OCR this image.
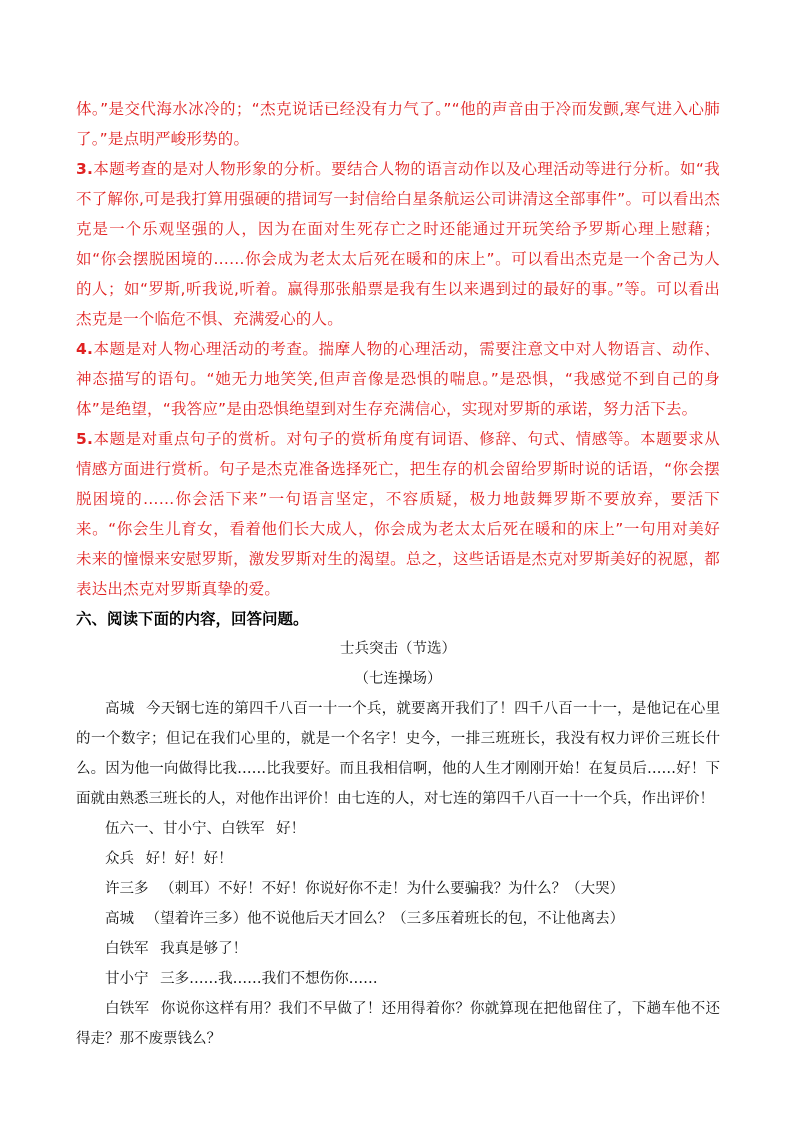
体。”是交代海水冰冷的；“杰克说话已经没有力气了。”“他的声音由于冷而发颤,寒气进入心肺了。”是点明严峻形势的。

3.本题考查的是对人物形象的分析。要结合人物的语言动作以及心理活动等进行分析。如“我不了解你,可是我打算用强硬的措词写一封信给白星条航运公司讲清这全部事件”。可以看出杰克是一个乐观坚强的人，因为在面对生死存亡之时还能通过开玩笑给予罗斯心理上慰藉；如“你会摆脱困境的……你会成为老太太后死在暖和的床上”。可以看出杰克是一个舍己为人的人；如“罗斯,听我说,听着。赢得那张船票是我有生以来遇到过的最好的事。”等。可以看出杰克是一个临危不惧、充满爱心的人。

4.本题是对人物心理活动的考查。揣摩人物的心理活动，需要注意文中对人物语言、动作、神态描写的语句。“她无力地笑笑,但声音像是恐惧的喘息。”是恐惧，“我感觉不到自己的身体”是绝望，“我答应”是由恐惧绝望到对生存充满信心，实现对罗斯的承诺，努力活下去。

5.本题是对重点句子的赏析。对句子的赏析角度有词语、修辞、句式、情感等。本题要求从情感方面进行赏析。句子是杰克准备选择死亡，把生存的机会留给罗斯时说的话语，“你会摆脱困境的……你会活下来”一句语言坚定，不容质疑，极力地鼓舞罗斯不要放弃，要活下来。“你会生儿育女，看着他们长大成人，你会成为老太太后死在暖和的床上”一句用对美好未来的憧憬来安慰罗斯，激发罗斯对生的渴望。总之，这些话语是杰克对罗斯美好的祝愿，都表达出杰克对罗斯真挚的爱。

六、阅读下面的内容，回答问题。

士兵突击（节选）

（七连操场）

高城 今天钢七连的第四千八百一十一个兵，就要离开我们了！四千八百一十一，是他记在心里的一个数字；但记在我们心里的，就是一个名字！史今，一排三班班长，我没有权力评价三班长什么。因为他一向做得比我……比我要好。而且我相信啊，他的人生才刚刚开始！在复员后……好！下面就由熟悉三班长的人，对他作出评价！由七连的人，对七连的第四千八百一十一个兵，作出评价！

伍六一、甘小宁、白铁军 好！

众兵 好！好！好！

许三多 （刺耳）不好！不好！你说好你不走！为什么要骗我？为什么？（大哭）

高城 （望着许三多）他不说他后天才回么？（三多压着班长的包，不让他离去）

白铁军 我真是够了！

甘小宁 三多……我……我们不想伤你……

白铁军 你说你这样有用？我们不早做了！还用得着你？你就算现在把他留住了，下趟车他不还得走？那不废票钱么？
